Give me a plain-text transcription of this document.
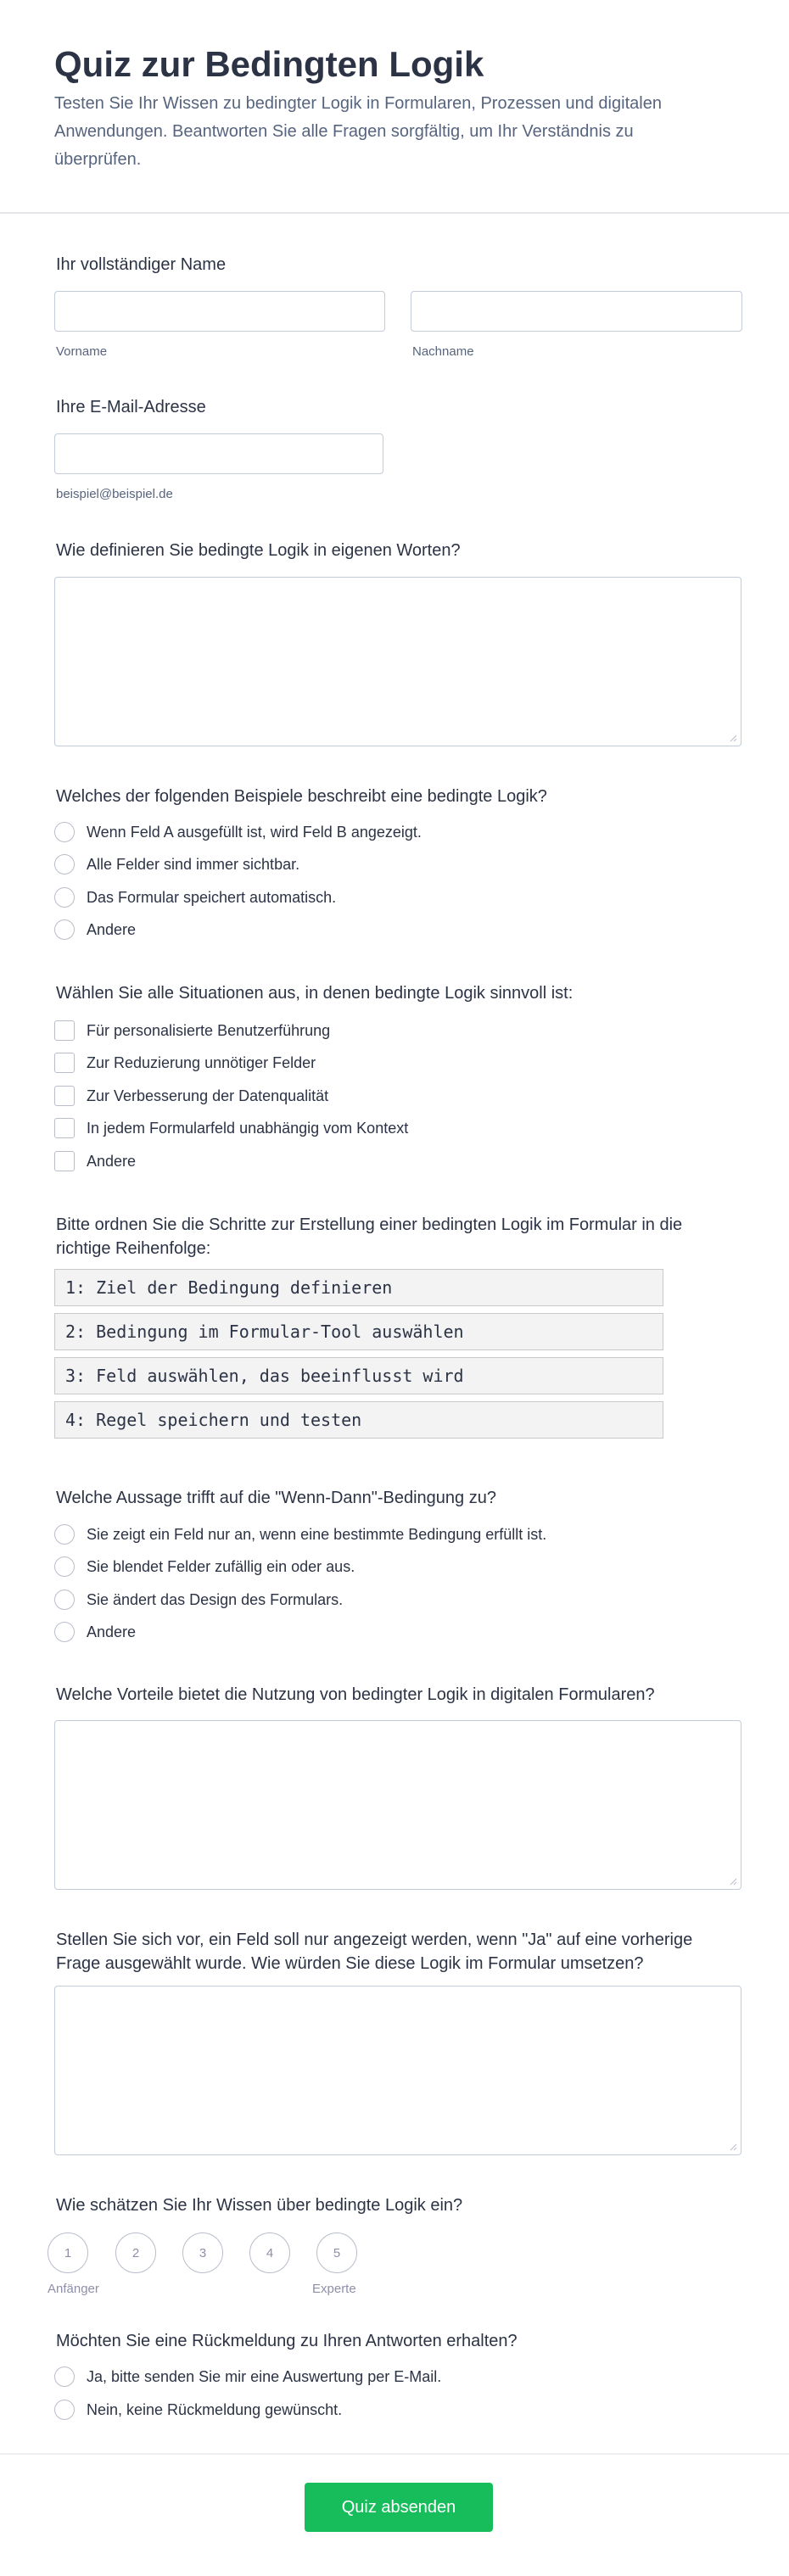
Quiz zur Bedingten Logik
Testen Sie Ihr Wissen zu bedingter Logik in Formularen, Prozessen und digitalen Anwendungen. Beantworten Sie alle Fragen sorgfältig, um Ihr Verständnis zu überprüfen.
Ihr vollständiger Name
Vorname	Nachname
Ihre E-Mail-Adresse
beispiel@beispiel.de
Wie definieren Sie bedingte Logik in eigenen Worten?
Welches der folgenden Beispiele beschreibt eine bedingte Logik?
Wenn Feld A ausgefüllt ist, wird Feld B angezeigt.
Alle Felder sind immer sichtbar.
Das Formular speichert automatisch.
Andere
Wählen Sie alle Situationen aus, in denen bedingte Logik sinnvoll ist:
Für personalisierte Benutzerführung
Zur Reduzierung unnötiger Felder
Zur Verbesserung der Datenqualität
In jedem Formularfeld unabhängig vom Kontext
Andere
Bitte ordnen Sie die Schritte zur Erstellung einer bedingten Logik im Formular in die richtige Reihenfolge:
1: Ziel der Bedingung definieren
2: Bedingung im Formular-Tool auswählen
3: Feld auswählen, das beeinflusst wird
4: Regel speichern und testen
Welche Aussage trifft auf die "Wenn-Dann"-Bedingung zu?
Sie zeigt ein Feld nur an, wenn eine bestimmte Bedingung erfüllt ist.
Sie blendet Felder zufällig ein oder aus.
Sie ändert das Design des Formulars.
Andere
Welche Vorteile bietet die Nutzung von bedingter Logik in digitalen Formularen?
Stellen Sie sich vor, ein Feld soll nur angezeigt werden, wenn "Ja" auf eine vorherige Frage ausgewählt wurde. Wie würden Sie diese Logik im Formular umsetzen?
Wie schätzen Sie Ihr Wissen über bedingte Logik ein?
1	2	3	4	5
Anfänger	Experte
Möchten Sie eine Rückmeldung zu Ihren Antworten erhalten?
Ja, bitte senden Sie mir eine Auswertung per E-Mail.
Nein, keine Rückmeldung gewünscht.
Quiz absenden
